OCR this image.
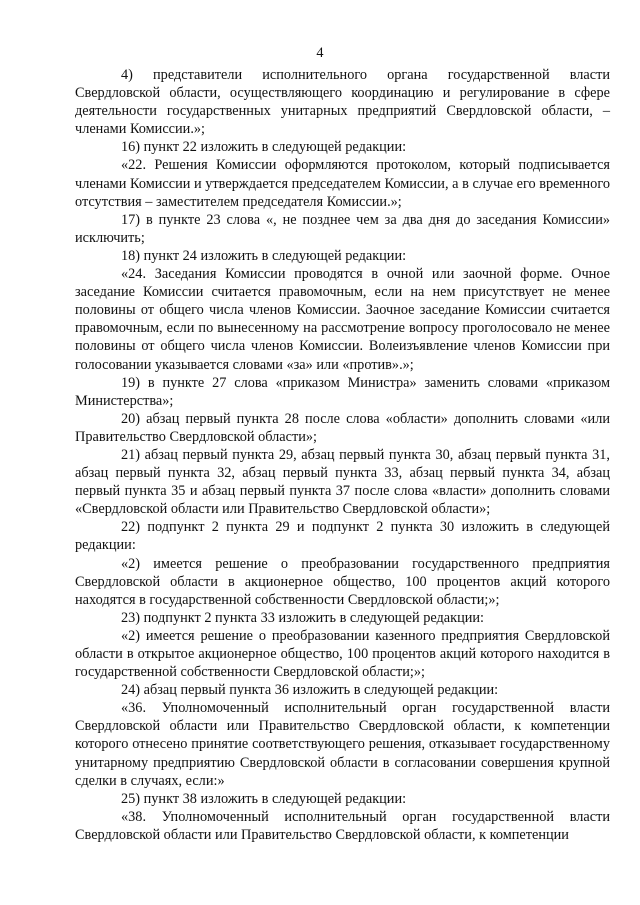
4

4) представители исполнительного органа государственной власти Свердловской области, осуществляющего координацию и регулирование в сфере деятельности государственных унитарных предприятий Свердловской области, – членами Комиссии.»;

16) пункт 22 изложить в следующей редакции:

«22. Решения Комиссии оформляются протоколом, который подписывается членами Комиссии и утверждается председателем Комиссии, а в случае его временного отсутствия – заместителем председателя Комиссии.»;

17) в пункте 23 слова «, не позднее чем за два дня до заседания Комиссии» исключить;

18) пункт 24 изложить в следующей редакции:

«24. Заседания Комиссии проводятся в очной или заочной форме. Очное заседание Комиссии считается правомочным, если на нем присутствует не менее половины от общего числа членов Комиссии. Заочное заседание Комиссии считается правомочным, если по вынесенному на рассмотрение вопросу проголосовало не менее половины от общего числа членов Комиссии. Волеизъявление членов Комиссии при голосовании указывается словами «за» или «против».»;

19) в пункте 27 слова «приказом Министра» заменить словами «приказом Министерства»;

20) абзац первый пункта 28 после слова «области» дополнить словами «или Правительство Свердловской области»;

21) абзац первый пункта 29, абзац первый пункта 30, абзац первый пункта 31, абзац первый пункта 32, абзац первый пункта 33, абзац первый пункта 34, абзац первый пункта 35 и абзац первый пункта 37 после слова «власти» дополнить словами «Свердловской области или Правительство Свердловской области»;

22) подпункт 2 пункта 29 и подпункт 2 пункта 30 изложить в следующей редакции:

«2) имеется решение о преобразовании государственного предприятия Свердловской области в акционерное общество, 100 процентов акций которого находятся в государственной собственности Свердловской области;»;

23) подпункт 2 пункта 33 изложить в следующей редакции:

«2) имеется решение о преобразовании казенного предприятия Свердловской области в открытое акционерное общество, 100 процентов акций которого находится в государственной собственности Свердловской области;»;

24) абзац первый пункта 36 изложить в следующей редакции:

«36. Уполномоченный исполнительный орган государственной власти Свердловской области или Правительство Свердловской области, к компетенции которого отнесено принятие соответствующего решения, отказывает государственному унитарному предприятию Свердловской области в согласовании совершения крупной сделки в случаях, если:»

25) пункт 38 изложить в следующей редакции:

«38. Уполномоченный исполнительный орган государственной власти Свердловской области или Правительство Свердловской области, к компетенции
